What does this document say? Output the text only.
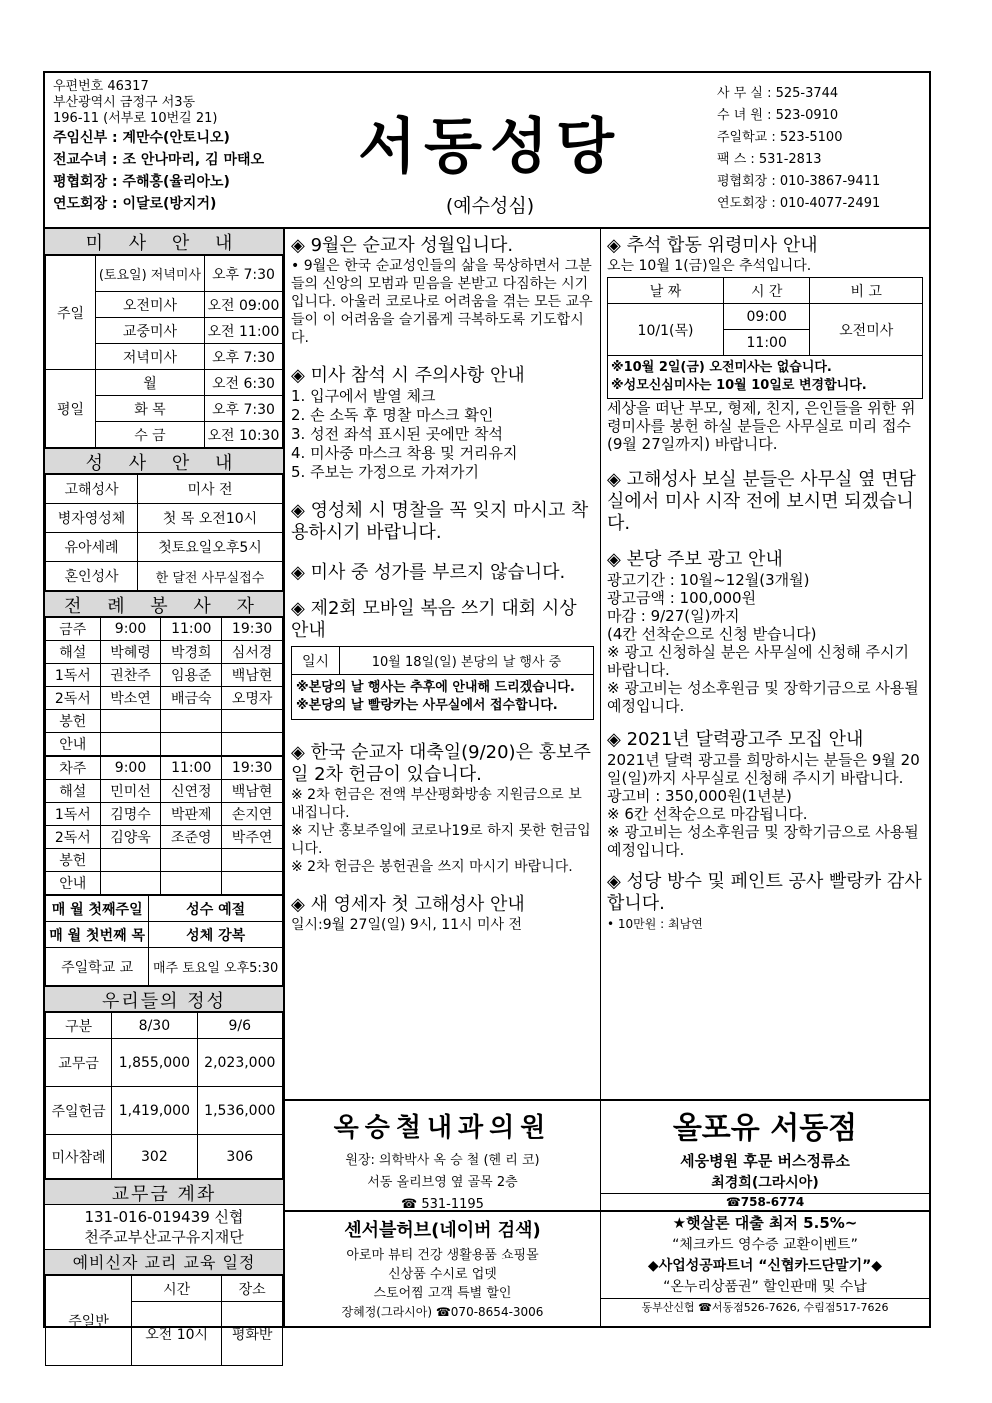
우편번호 46317
부산광역시 금정구 서3동
196-11 (서부로 10번길 21)
주임신부 : 계만수(안토니오)
전교수녀 : 조 안나마리, 김 마태오
평협회장 : 주해홍(율리아노)
연도회장 : 이달로(방지거)
서동성당
(예수성심)
사 무 실 : 525-3744
수 녀 원 : 523-0910
주일학교 : 523-5100
팩 스 : 531-2813
평협회장 : 010-3867-9411
연도회장 : 010-4077-2491
미 사 안 내
주일	(토요일) 저녁미사	오후 7:30
	오전미사	오전 09:00
	교중미사	오전 11:00
	저녁미사	오후 7:30
평일	월	오전 6:30
	화 목	오후 7:30
	수 금	오전 10:30
성 사 안 내
고해성사	미사 전
병자영성체	첫 목 오전10시
유아세례	첫토요일오후5시
혼인성사	한 달전 사무실접수
전 례 봉 사 자
금주	9:00	11:00	19:30
해설	박혜령	박경희	심서경
1독서	권찬주	임용준	백남현
2독서	박소연	배금숙	오명자
봉헌			
안내			
차주	9:00	11:00	19:30
해설	민미선	신연정	백남현
1독서	김명수	박판제	손지연
2독서	김양욱	조준영	박주연
봉헌			
안내			
매 월 첫째주일	성수 예절
매 월 첫번째 목	성체 강복
주일학교 교	매주 토요일 오후5:30
우리들의 정성
구분	8/30	9/6
교무금	1,855,000	2,023,000
주일헌금	1,419,000	1,536,000
미사참례	302	306
교무금 계좌
131-016-019439 신협
천주교부산교구유지재단
예비신자 교리 교육 일정
주일반	시간	장소
	오전 10시	평화반
◈ 9월은 순교자 성월입니다.
• 9월은 한국 순교성인들의 삶을 묵상하면서 그분들의 신앙의 모범과 믿음을 본받고 다짐하는 시기입니다. 아울러 코로나로 어려움을 겪는 모든 교우들이 이 어려움을 슬기롭게 극복하도록 기도합시다.
◈ 미사 참석 시 주의사항 안내
1. 입구에서 발열 체크
2. 손 소독 후 명찰 마스크 확인
3. 성전 좌석 표시된 곳에만 착석
4. 미사중 마스크 착용 및 거리유지
5. 주보는 가정으로 가져가기
◈ 영성체 시 명찰을 꼭 잊지 마시고 착용하시기 바랍니다.
◈ 미사 중 성가를 부르지 않습니다.
◈ 제2회 모바일 복음 쓰기 대회 시상 안내
일시	10월 18일(일) 본당의 날 행사 중
※본당의 날 행사는 추후에 안내해 드리겠습니다.
※본당의 날 빨랑카는 사무실에서 접수합니다.
◈ 한국 순교자 대축일(9/20)은 홍보주일 2차 헌금이 있습니다.
※ 2차 헌금은 전액 부산평화방송 지원금으로 보내집니다.
※ 지난 홍보주일에 코로나19로 하지 못한 헌금입니다.
※ 2차 헌금은 봉헌권을 쓰지 마시기 바랍니다.
◈ 새 영세자 첫 고해성사 안내
일시:9월 27일(일) 9시, 11시 미사 전
◈ 추석 합동 위령미사 안내
오는 10월 1(금)일은 추석입니다.
날 짜	시 간	비 고
10/1(목)	09:00	오전미사
	11:00	
※10월 2일(금) 오전미사는 없습니다.
※성모신심미사는 10월 10일로 변경합니다.
세상을 떠난 부모, 형제, 친지, 은인들을 위한 위령미사를 봉헌 하실 분들은 사무실로 미리 접수(9월 27일까지) 바랍니다.
◈ 고해성사 보실 분들은 사무실 옆 면담실에서 미사 시작 전에 보시면 되겠습니다.
◈ 본당 주보 광고 안내
광고기간 : 10월~12월(3개월)
광고금액 : 100,000원
마감 : 9/27(일)까지
(4칸 선착순으로 신청 받습니다)
※ 광고 신청하실 분은 사무실에 신청해 주시기 바랍니다.
※ 광고비는 성소후원금 및 장학기금으로 사용될 예정입니다.
◈ 2021년 달력광고주 모집 안내
2021년 달력 광고를 희망하시는 분들은 9월 20일(일)까지 사무실로 신청해 주시기 바랍니다.
광고비 : 350,000원(1년분)
※ 6칸 선착순으로 마감됩니다.
※ 광고비는 성소후원금 및 장학기금으로 사용될 예정입니다.
◈ 성당 방수 및 페인트 공사 빨랑카 감사합니다.
• 10만원 : 최남연
옥승철내과의원
원장: 의학박사 옥 승 철 (헨 리 코)
서동 올리브영 옆 골목 2층
☎ 531-1195
올포유 서동점
세웅병원 후문 버스정류소
최경희(그라시아)
☎758-6774
센서블허브(네이버 검색)
아로마 뷰티 건강 생활용품 쇼핑몰
신상품 수시로 업뎃
스토어찜 고객 특별 할인
장혜정(그라시아) ☎070-8654-3006
★햇살론 대출 최저 5.5%~
“체크카드 영수증 교환이벤트”
◆사업성공파트너 “신협카드단말기”◆
“온누리상품권” 할인판매 및 수납
동부산신협 ☎서동점526-7626, 수림점517-7626
